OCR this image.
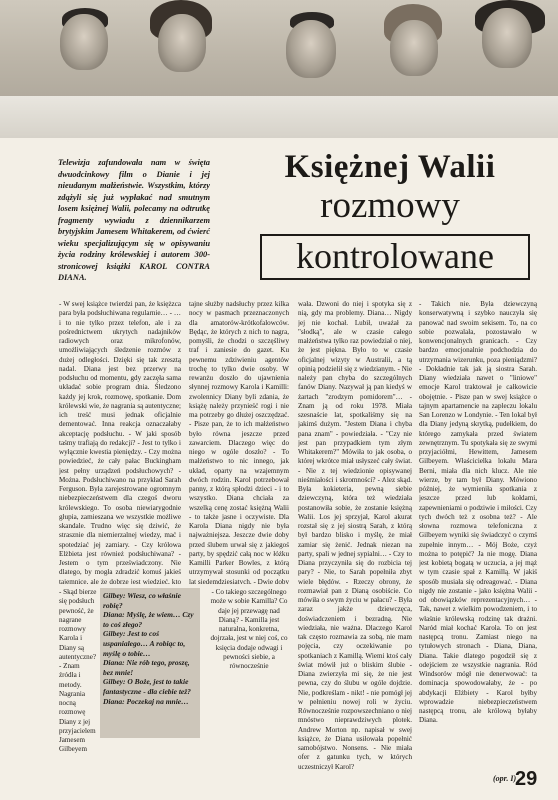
Telewizja zafundowała nam w święta dwuodcinkowy film o Dianie i jej nieudanym małżeństwie. Wszystkim, którzy zdążyli się już wypłakać nad smutnym losem księżnej Walii, polecamy na odtrutkę fragmenty wywiadu z dziennikarzem brytyjskim Jamesem Whitakerem, od ćwierć wieku specjalizującym się w opisywaniu życia rodziny królewskiej i autorem 300-stronicowej książki KAROL CONTRA DIANA.
Księżnej Walii
rozmowy
kontrolowane

- W swej książce twierdzi pan, że księżzca para była podsłuchiwana regularnie… - … i to nie tylko przez telefon, ale i za pośrednictwem ukrytych nadajników radiowych oraz mikrofonów, umożliwiających śledzenie rozmów z dużej odległości. Dzięki się tak zresztą nadal. Diana jest bez przerwy na podsłuchu od momentu, gdy zaczęła sama układać sobie program dnia. Śledzono każdy jej krok, rozmowę, spotkanie. Dom królewski wie, że nagrania są autentyczne; ich treść musi jednak oficjalnie dementować. Inna reakcja oznaczałaby akceptację podsłuchu. - W jaki sposób taśmy trafiają do redakcji? - Jest to tylko i wyłącznie kwestia pieniędzy. - Czy można powiedzieć, że cały pałac Buckingham jest pełny urządzeń podsłuchowych? - Można. Podsłuchiwano na przykład Sarah Ferguson. Była zarejestrowane ogromnym niebezpieczeństwem dla czegoś dworu królewskiego. To osoba niewiarygodnie głupia, zamieszana we wszystkie możliwe skandale. Trudno więc się dziwić, że strasznie dla niemierzalnej wiedzy, mać i spotedziać jej zamiary. - Czy królowa Elżbieta jest również podsłuchiwana? - Jestem o tym przeświadczony. Nie dlatego, by mogła zdradzić komuś jakieś tajemnice, ale że dobrze jest wiedzieć, kto

- Skąd bierze się podsłuch pewność, że nagrane rozmowy Karola i Diany są autentyczne? - Znam źródła i metody. Nagrania nocną rozmowę Diany z jej przyjacielem Jamesem Gilbeyem

tajne służby nadsłuchy przez kilka nocy w pasmach przeznaczonych dla amatorów-krótkofalowców. Będąc, że których z nich to nagra, pomyśli, że chodzi o szczęśliwy traf i zaniesie do gazet. Ku pewnemu zdziwieniu agentów trochę to tylko dwie osoby. W rewanżu doszło do ujawnienia słynnej rozmowy Karola i Kamilli: zwolennicy Diany byli zdania, że książę należy przynieść rogi i nie ma potrzeby go dłużej oszczędzać. - Pisze pan, że to ich małżeństwo było równa jeszcze przed zawarciem. Dlaczego więc do niego w ogóle doszło? - To małżeństwo to nic innego, jak układ, oparty na wzajemnym dwóch rodzin. Karol potrzebował panny, z którą spłodzi dzieci - i to wszystko. Diana chciała za wszelką cenę zostać księżną Walii - to także jasne i oczywiste. Dla Karola Diana nigdy nie była najważniejsza. Jeszcze dwie doby przed ślubem urwał się z jakiegoś party, by spędzić całą noc w łóżku Kamilli Parker Bowles, z którą utrzymywał stosunki od początku lat siedemdziesiątych. - Dwie doby

Gilbey: Wiesz, co właśnie robię?
Diana: Myślę, że wiem… Czy to coś złego?
Gilbey: Jest to coś uspanialego… A robiąc to, myślę o tobie…
Diana: Nie rób tego, proszę, bez mnie!
Gilbey: O Boże, jest to takie fantastyczne - dla ciebie też?
Diana: Poczekaj na mnie…
- Co takiego szczególnego może w sobie Kamilla? Co daje jej przewagę nad Dianą? - Kamilla jest naturalna, konkretna, dojrzała, jest w niej coś, co księcia dodaje odwagi i pewności siebie, a równocześnie

wała. Dzwoni do niej i spotyka się z nią, gdy ma problemy. Diana… Nigdy jej nie kochał. Lubił, uważał za "słodką", ale w czasie całego małżeństwa tylko raz powiedział o niej, że jest piękna. Było to w czasie oficjalnej wizyty w Australii, a tą opinią podzielił się z wiedzianym. - Nie należy pan chyba do szczególnych fanów Diany. Nazywał ją pan kiedyś w żartach "zrodzym pomidorem"… - Znam ją od roku 1978. Miała szesnaście lat, spotkaliśmy się na jakimś dużym. "Jestem Diana i chyba pana znam" - powiedziała. - "Czy nie jest pan przypadkiem tym złym Whitakerem?" Mówiła to jak osoba, o której wkrótce miał usłyszeć cały świat. - Nie z tej wiedzionie opisywanej nieśmiałości i skromności? - Alez skąd. Była kokieteria, pewną siebie dziewczyną, która też wiedziała postanowiła sobie, że zostanie księżną Walii. Los jej sprzyjał, Karol akurat rozstał się z jej siostrą Sarah, z którą był bardzo blisko i myślę, że miał zamiar się żenić. Jednak niezan na party, spali w jednej sypialni… - Czy to Diana przyczyniła się do rozbicia tej pary? - Nie, to Sarah popełniła zbyt wiele błędów. - Rzeczy obrony, że rozmawiał pan z Dianą osobiście. Co mówiła o swym życiu w pałacu? - Była zaraz jakże dziewczęca, doświadczeniem i bezradną. Nie wiedziała, nie ważna. Dlaczego Karol tak często rozmawia za sobą, nie mam pojęcia, czy oczekiwanie po spotkaniach z Kamillą. Wiemi ktoś cały świat mówił już o bliskim ślubie - Diana zwierzyła mi się, że nie jest pewna, czy do ślubu w ogóle dojdzie. Nie, podkreślam - nikt! - nie pomógł jej w pełnieniu nowej roli w życiu. Równocześnie rozpowszechniano o niej mnóstwo nieprawdziwych plotek. Andrew Morton np. napisał w swej książce, że Diana usiłowała popełnić samobójstwo. Nonsens. - Nie miała ofer z gatunku tych, w których uczestniczył Karol?

- Takich nie. Była dziewczyną konserwatywną i szybko nauczyła się panować nad swoim sekisem. To, na co sobie pozwalała, pozostawało w konwencjonalnych granicach. - Czy bardzo emocjonalnie podchodzia do utrzymania wizerunku, poza pieniądzmi? - Dokładnie tak jak ją siostra Sarah. Diany wiedziała nawet o "liniowe" emocje Karol traktował je całkowicie obojętnie. - Pisze pan w swej książce o tajnym apartamencie na zapleczu lokalu San Lorenzo w Londynie. - Ten lokal był dla Diany jedyną skrytką, pudełkiem, do którego zamykała przed światem zewnętrznym. Tu spotykała się ze swymi przyjaciółmi, Hewittem, Jamesem Gilbeyem. Właścicielka lokalu Mara Berni, miała dla nich klucz. Ale nie wierze, by tam był Diany. Mówiono później, że wymieniła spotkania z jeszcze przed lub kołdami, zapewnieniami o podziwie i miłości. Czy tych dwóch też z osobna też? - Ale słowna rozmowa telefoniczna z Gilbeyem wyniki się świadczyć o czymś zupełnie innym… - Mój Boże, czyż można to potępić? Ja nie mogę. Diana jest kobietą bogatą w uczucia, a jej mąż w tym czasie spał z Kamillą. W jakiś sposób musiała się odreagować. - Diana nigdy nie zostanie - jako księżna Walii - od obowiązków reprezentacyjnych… - Tak, nawet z wielkim powodzeniem, i to właśnie królewską rodzinę tak drażni. Naród miał kochać Karola. To on jest następcą tronu. Zamiast niego na tytułowych stronach - Diana, Diana, Diana. Takie dlatego pogodził się z odejściem ze wszystkie nagrania. Ród Windsorów mógł nie denerwować: ta dominacja spowodowałaby, że - po abdykacji Elżbiety - Karol byłby wprowadzie niebezpieczeństwem następcą tronu, ale królową byłaby Diana.

(opr. I)
29
